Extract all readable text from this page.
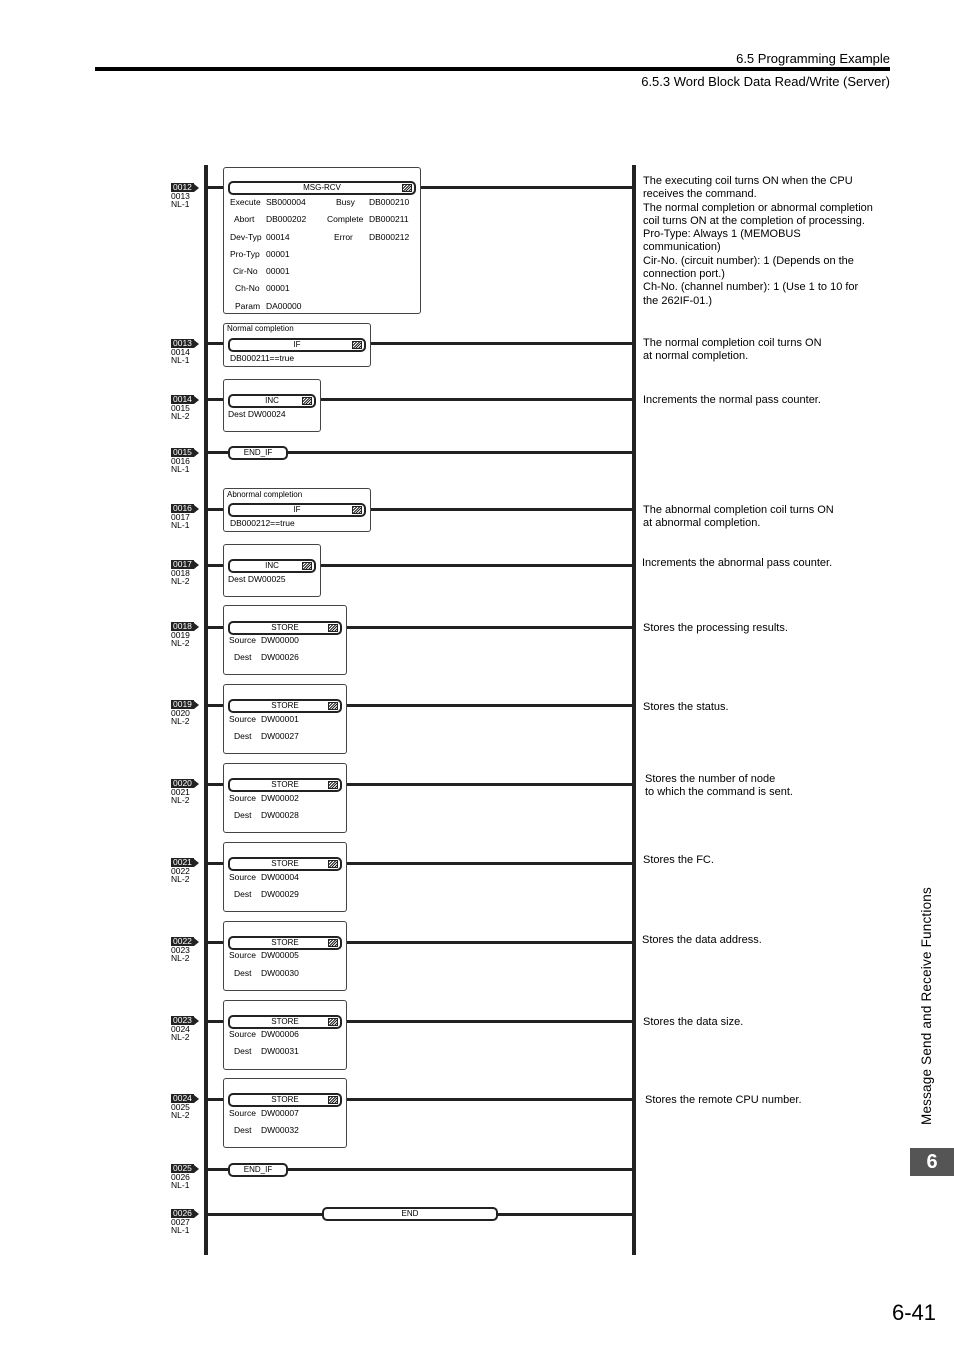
6.5 Programming Example
6.5.3 Word Block Data Read/Write (Server)
0012
0013
NL-1
0013
0014
NL-1
0014
0015
NL-2
0015
0016
NL-1
0016
0017
NL-1
0017
0018
NL-2
0018
0019
NL-2
0019
0020
NL-2
0020
0021
NL-2
0021
0022
NL-2
0022
0023
NL-2
0023
0024
NL-2
0024
0025
NL-2
0025
0026
NL-1
0026
0027
NL-1
MSG-RCV
Execute SB000004
Abort DB000202
Dev-Typ 00014
Pro-Typ 00001
Cir-No 00001
Ch-No 00001
Param DA00000
Busy DB000210
Complete DB000211
Error DB000212
Normal completion
IF
DB000211==true
INC
Dest DW00024
END_IF
Abnormal completion
IF
DB000212==true
INC
Dest DW00025
STORE
Source DW00000
Dest DW00026
STORE
Source DW00001
Dest DW00027
STORE
Source DW00002
Dest DW00028
STORE
Source DW00004
Dest DW00029
STORE
Source DW00005
Dest DW00030
STORE
Source DW00006
Dest DW00031
STORE
Source DW00007
Dest DW00032
END_IF
END
The executing coil turns ON when the CPU
receives the command.
The normal completion or abnormal completion
coil turns ON at the completion of processing.
Pro-Type: Always 1 (MEMOBUS
communication)
Cir-No. (circuit number): 1 (Depends on the
connection port.)
Ch-No. (channel number): 1 (Use 1 to 10 for
the 262IF-01.)
The normal completion coil turns ON
at normal completion.
Increments the normal pass counter.
The abnormal completion coil turns ON
at abnormal completion.
Increments the abnormal pass counter.
Stores the processing results.
Stores the status.
Stores the number of node
to which the command is sent.
Stores the FC.
Stores the data address.
Stores the data size.
Stores the remote CPU number.	Message Send and Receive Functions
6
6-41
